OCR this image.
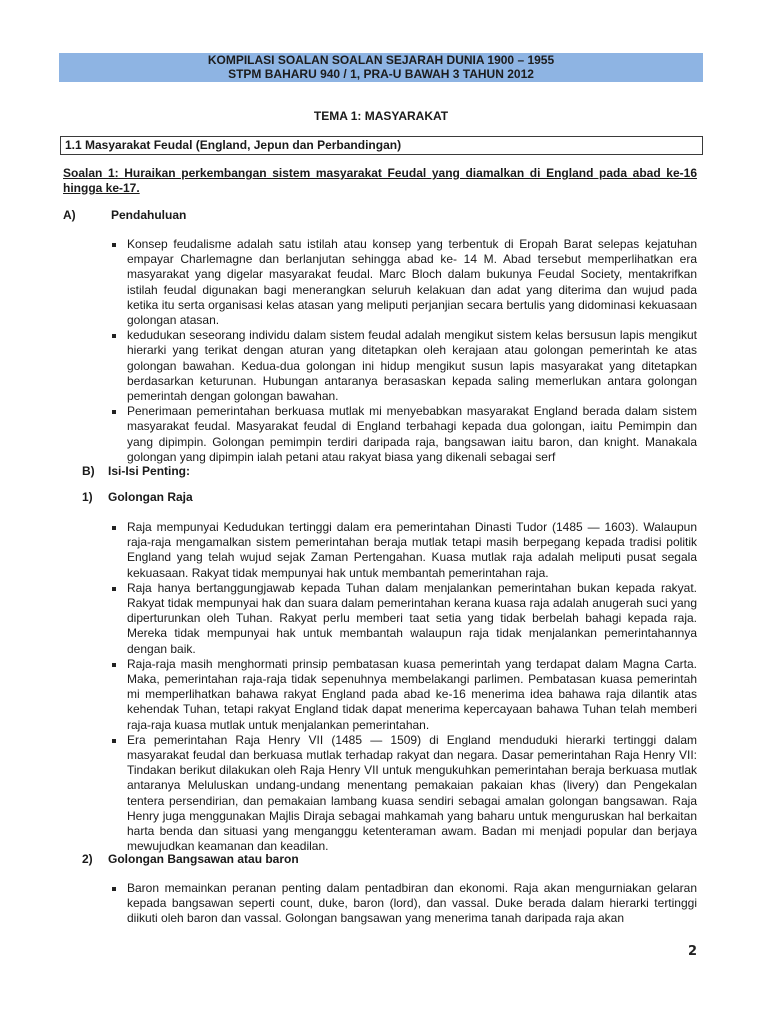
KOMPILASI SOALAN SOALAN SEJARAH DUNIA 1900 – 1955
STPM BAHARU 940 / 1, PRA-U BAWAH 3 TAHUN 2012
TEMA 1: MASYARAKAT
1.1 Masyarakat Feudal (England, Jepun dan Perbandingan)
Soalan 1: Huraikan perkembangan sistem masyarakat Feudal yang diamalkan di England pada abad ke-16 hingga ke-17.
A)	Pendahuluan
Konsep feudalisme adalah satu istilah atau konsep yang terbentuk di Eropah Barat selepas kejatuhan empayar Charlemagne dan berlanjutan sehingga abad ke- 14 M. Abad tersebut memperlihatkan era masyarakat yang digelar masyarakat feudal. Marc Bloch dalam bukunya Feudal Society, mentakrifkan istilah feudal digunakan bagi menerangkan seluruh kelakuan dan adat yang diterima dan wujud pada ketika itu serta organisasi kelas atasan yang meliputi perjanjian secara bertulis yang didominasi kekuasaan golongan atasan.
kedudukan seseorang individu dalam sistem feudal adalah mengikut sistem kelas bersusun lapis mengikut hierarki yang terikat dengan aturan yang ditetapkan oleh kerajaan atau golongan pemerintah ke atas golongan bawahan. Kedua-dua golongan ini hidup mengikut susun lapis masyarakat yang ditetapkan berdasarkan keturunan. Hubungan antaranya berasaskan kepada saling memerlukan antara golongan pemerintah dengan golongan bawahan.
Penerimaan pemerintahan berkuasa mutlak mi menyebabkan masyarakat England berada dalam sistem masyarakat feudal. Masyarakat feudal di England terbahagi kepada dua golongan, iaitu Pemimpin dan yang dipimpin. Golongan pemimpin terdiri daripada raja, bangsawan iaitu baron, dan knight. Manakala golongan yang dipimpin ialah petani atau rakyat biasa yang dikenali sebagai serf
B) Isi-Isi Penting:
1) Golongan Raja
Raja mempunyai Kedudukan tertinggi dalam era pemerintahan Dinasti Tudor (1485 — 1603). Walaupun raja-raja mengamalkan sistem pemerintahan beraja mutlak tetapi masih berpegang kepada tradisi politik England yang telah wujud sejak Zaman Pertengahan. Kuasa mutlak raja adalah meliputi pusat segala kekuasaan. Rakyat tidak mempunyai hak untuk membantah pemerintahan raja.
Raja hanya bertanggungjawab kepada Tuhan dalam menjalankan pemerintahan bukan kepada rakyat. Rakyat tidak mempunyai hak dan suara dalam pemerintahan kerana kuasa raja adalah anugerah suci yang diperturunkan oleh Tuhan. Rakyat perlu memberi taat setia yang tidak berbelah bahagi kepada raja. Mereka tidak mempunyai hak untuk membantah walaupun raja tidak menjalankan pemerintahannya dengan baik.
Raja-raja masih menghormati prinsip pembatasan kuasa pemerintah yang terdapat dalam Magna Carta. Maka, pemerintahan raja-raja tidak sepenuhnya membelakangi parlimen. Pembatasan kuasa pemerintah mi memperlihatkan bahawa rakyat England pada abad ke-16 menerima idea bahawa raja dilantik atas kehendak Tuhan, tetapi rakyat England tidak dapat menerima kepercayaan bahawa Tuhan telah memberi raja-raja kuasa mutlak untuk menjalankan pemerintahan.
Era pemerintahan Raja Henry VII (1485 — 1509) di England menduduki hierarki tertinggi dalam masyarakat feudal dan berkuasa mutlak terhadap rakyat dan negara. Dasar pemerintahan Raja Henry VII: Tindakan berikut dilakukan oleh Raja Henry VII untuk mengukuhkan pemerintahan beraja berkuasa mutlak antaranya Meluluskan undang-undang menentang pemakaian pakaian khas (livery) dan Pengekalan tentera persendirian, dan pemakaian lambang kuasa sendiri sebagai amalan golongan bangsawan. Raja Henry juga menggunakan Majlis Diraja sebagai mahkamah yang baharu untuk menguruskan hal berkaitan harta benda dan situasi yang menganggu ketenteraman awam. Badan mi menjadi popular dan berjaya mewujudkan keamanan dan keadilan.
2) Golongan Bangsawan atau baron
Baron memainkan peranan penting dalam pentadbiran dan ekonomi. Raja akan mengurniakan gelaran kepada bangsawan seperti count, duke, baron (lord), dan vassal. Duke berada dalam hierarki tertinggi diikuti oleh baron dan vassal. Golongan bangsawan yang menerima tanah daripada raja akan
2
